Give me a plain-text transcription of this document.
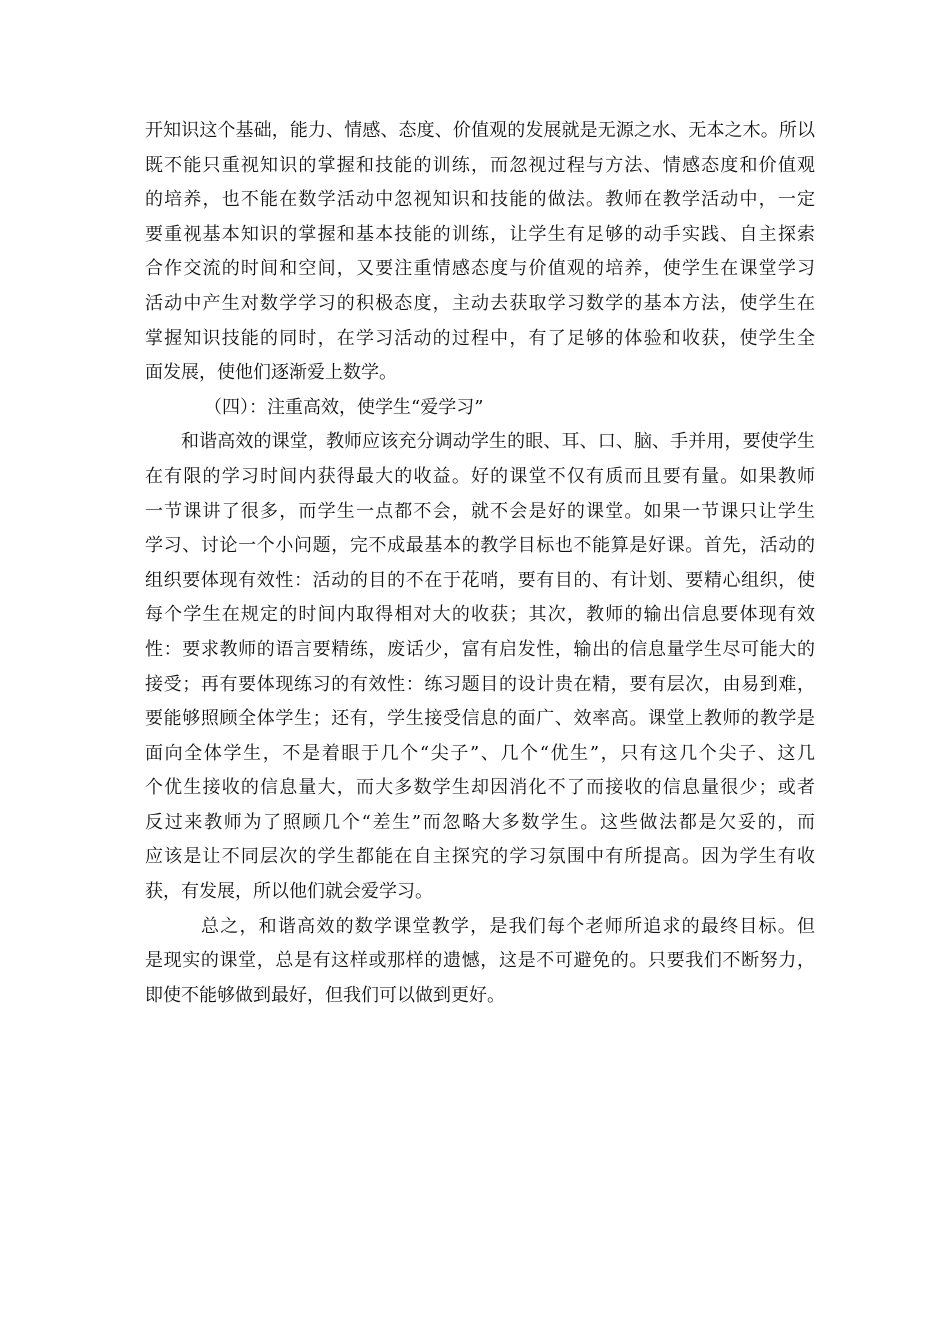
开知识这个基础，能力、情感、态度、价值观的发展就是无源之水、无本之木。所以
既不能只重视知识的掌握和技能的训练，而忽视过程与方法、情感态度和价值观
的培养，也不能在数学活动中忽视知识和技能的做法。教师在教学活动中，一定
要重视基本知识的掌握和基本技能的训练，让学生有足够的动手实践、自主探索
合作交流的时间和空间，又要注重情感态度与价值观的培养，使学生在课堂学习
活动中产生对数学学习的积极态度，主动去获取学习数学的基本方法，使学生在
掌握知识技能的同时，在学习活动的过程中，有了足够的体验和收获，使学生全
面发展，使他们逐渐爱上数学。
（四）：注重高效，使学生“爱学习”
和谐高效的课堂，教师应该充分调动学生的眼、耳、口、脑、手并用，要使学生
在有限的学习时间内获得最大的收益。好的课堂不仅有质而且要有量。如果教师
一节课讲了很多，而学生一点都不会，就不会是好的课堂。如果一节课只让学生
学习、讨论一个小问题，完不成最基本的教学目标也不能算是好课。首先，活动的
组织要体现有效性：活动的目的不在于花哨，要有目的、有计划、要精心组织，使
每个学生在规定的时间内取得相对大的收获；其次，教师的输出信息要体现有效
性：要求教师的语言要精练，废话少，富有启发性，输出的信息量学生尽可能大的
接受；再有要体现练习的有效性：练习题目的设计贵在精，要有层次，由易到难，
要能够照顾全体学生；还有，学生接受信息的面广、效率高。课堂上教师的教学是
面向全体学生，不是着眼于几个“尖子”、几个“优生”，只有这几个尖子、这几
个优生接收的信息量大，而大多数学生却因消化不了而接收的信息量很少；或者
反过来教师为了照顾几个“差生”而忽略大多数学生。这些做法都是欠妥的，而
应该是让不同层次的学生都能在自主探究的学习氛围中有所提高。因为学生有收
获，有发展，所以他们就会爱学习。
总之，和谐高效的数学课堂教学，是我们每个老师所追求的最终目标。但
是现实的课堂，总是有这样或那样的遗憾，这是不可避免的。只要我们不断努力，
即使不能够做到最好，但我们可以做到更好。
